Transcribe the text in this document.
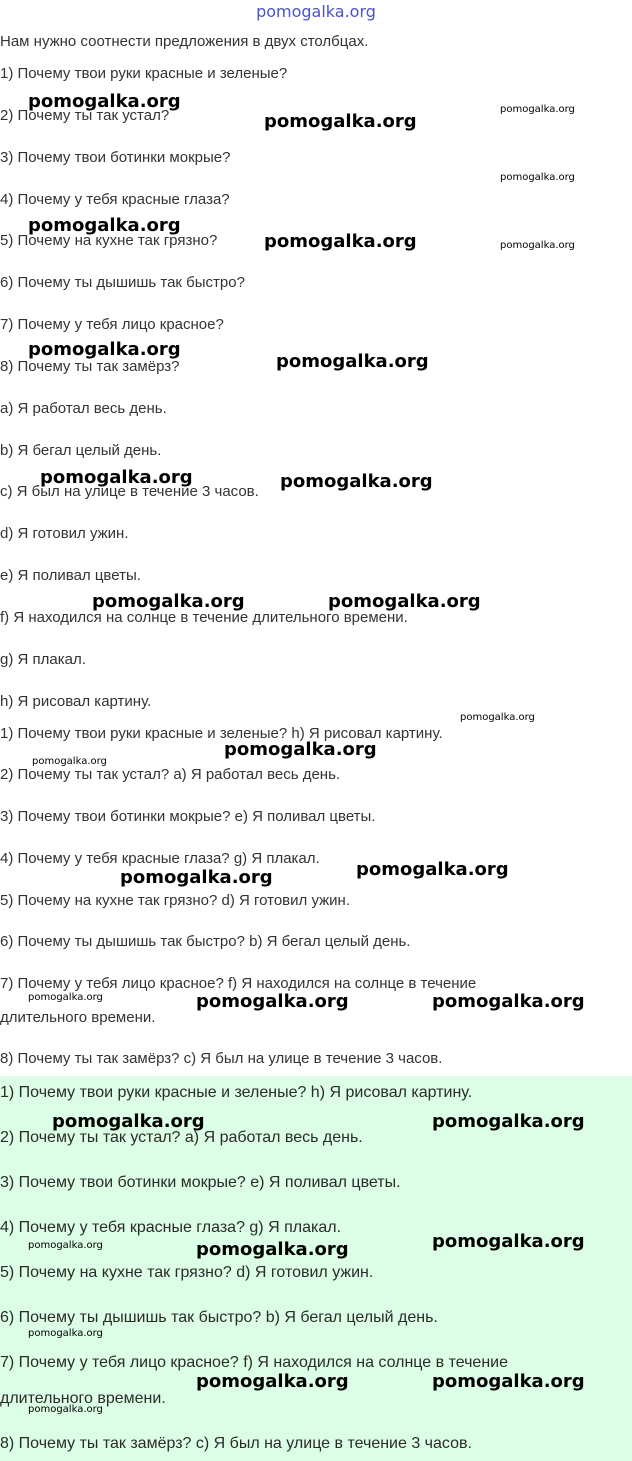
pomogalka.org
Нам нужно соотнести предложения в двух столбцах.
1) Почему твои руки красные и зеленые?
2) Почему ты так устал?
3) Почему твои ботинки мокрые?
4) Почему у тебя красные глаза?
5) Почему на кухне так грязно?
6) Почему ты дышишь так быстро?
7) Почему у тебя лицо красное?
8) Почему ты так замёрз?
a) Я работал весь день.
b) Я бегал целый день.
c) Я был на улице в течение 3 часов.
d) Я готовил ужин.
e) Я поливал цветы.
f) Я находился на солнце в течение длительного времени.
g) Я плакал.
h) Я рисовал картину.
1) Почему твои руки красные и зеленые? h) Я рисовал картину.
2) Почему ты так устал? a) Я работал весь день.
3) Почему твои ботинки мокрые? e) Я поливал цветы.
4) Почему у тебя красные глаза? g) Я плакал.
5) Почему на кухне так грязно? d) Я готовил ужин.
6) Почему ты дышишь так быстро? b) Я бегал целый день.
7) Почему у тебя лицо красное? f) Я находился на солнце в течение
длительного времени.
8) Почему ты так замёрз? c) Я был на улице в течение 3 часов.
1) Почему твои руки красные и зеленые? h) Я рисовал картину.
2) Почему ты так устал? a) Я работал весь день.
3) Почему твои ботинки мокрые? e) Я поливал цветы.
4) Почему у тебя красные глаза? g) Я плакал.
5) Почему на кухне так грязно? d) Я готовил ужин.
6) Почему ты дышишь так быстро? b) Я бегал целый день.
7) Почему у тебя лицо красное? f) Я находился на солнце в течение
длительного времени.
8) Почему ты так замёрз? c) Я был на улице в течение 3 часов.
pomogalka.org
pomogalka.org
pomogalka.org
pomogalka.org
pomogalka.org
pomogalka.org	pomogalka.org
pomogalka.org
pomogalka.org
pomogalka.org	pomogalka.org
pomogalka.org	pomogalka.org
pomogalka.org
pomogalka.org
pomogalka.org
pomogalka.org
pomogalka.org
pomogalka.org	pomogalka.org	pomogalka.org
pomogalka.org	pomogalka.org
pomogalka.org	pomogalka.org	pomogalka.org
pomogalka.org
pomogalka.org	pomogalka.org
pomogalka.org
